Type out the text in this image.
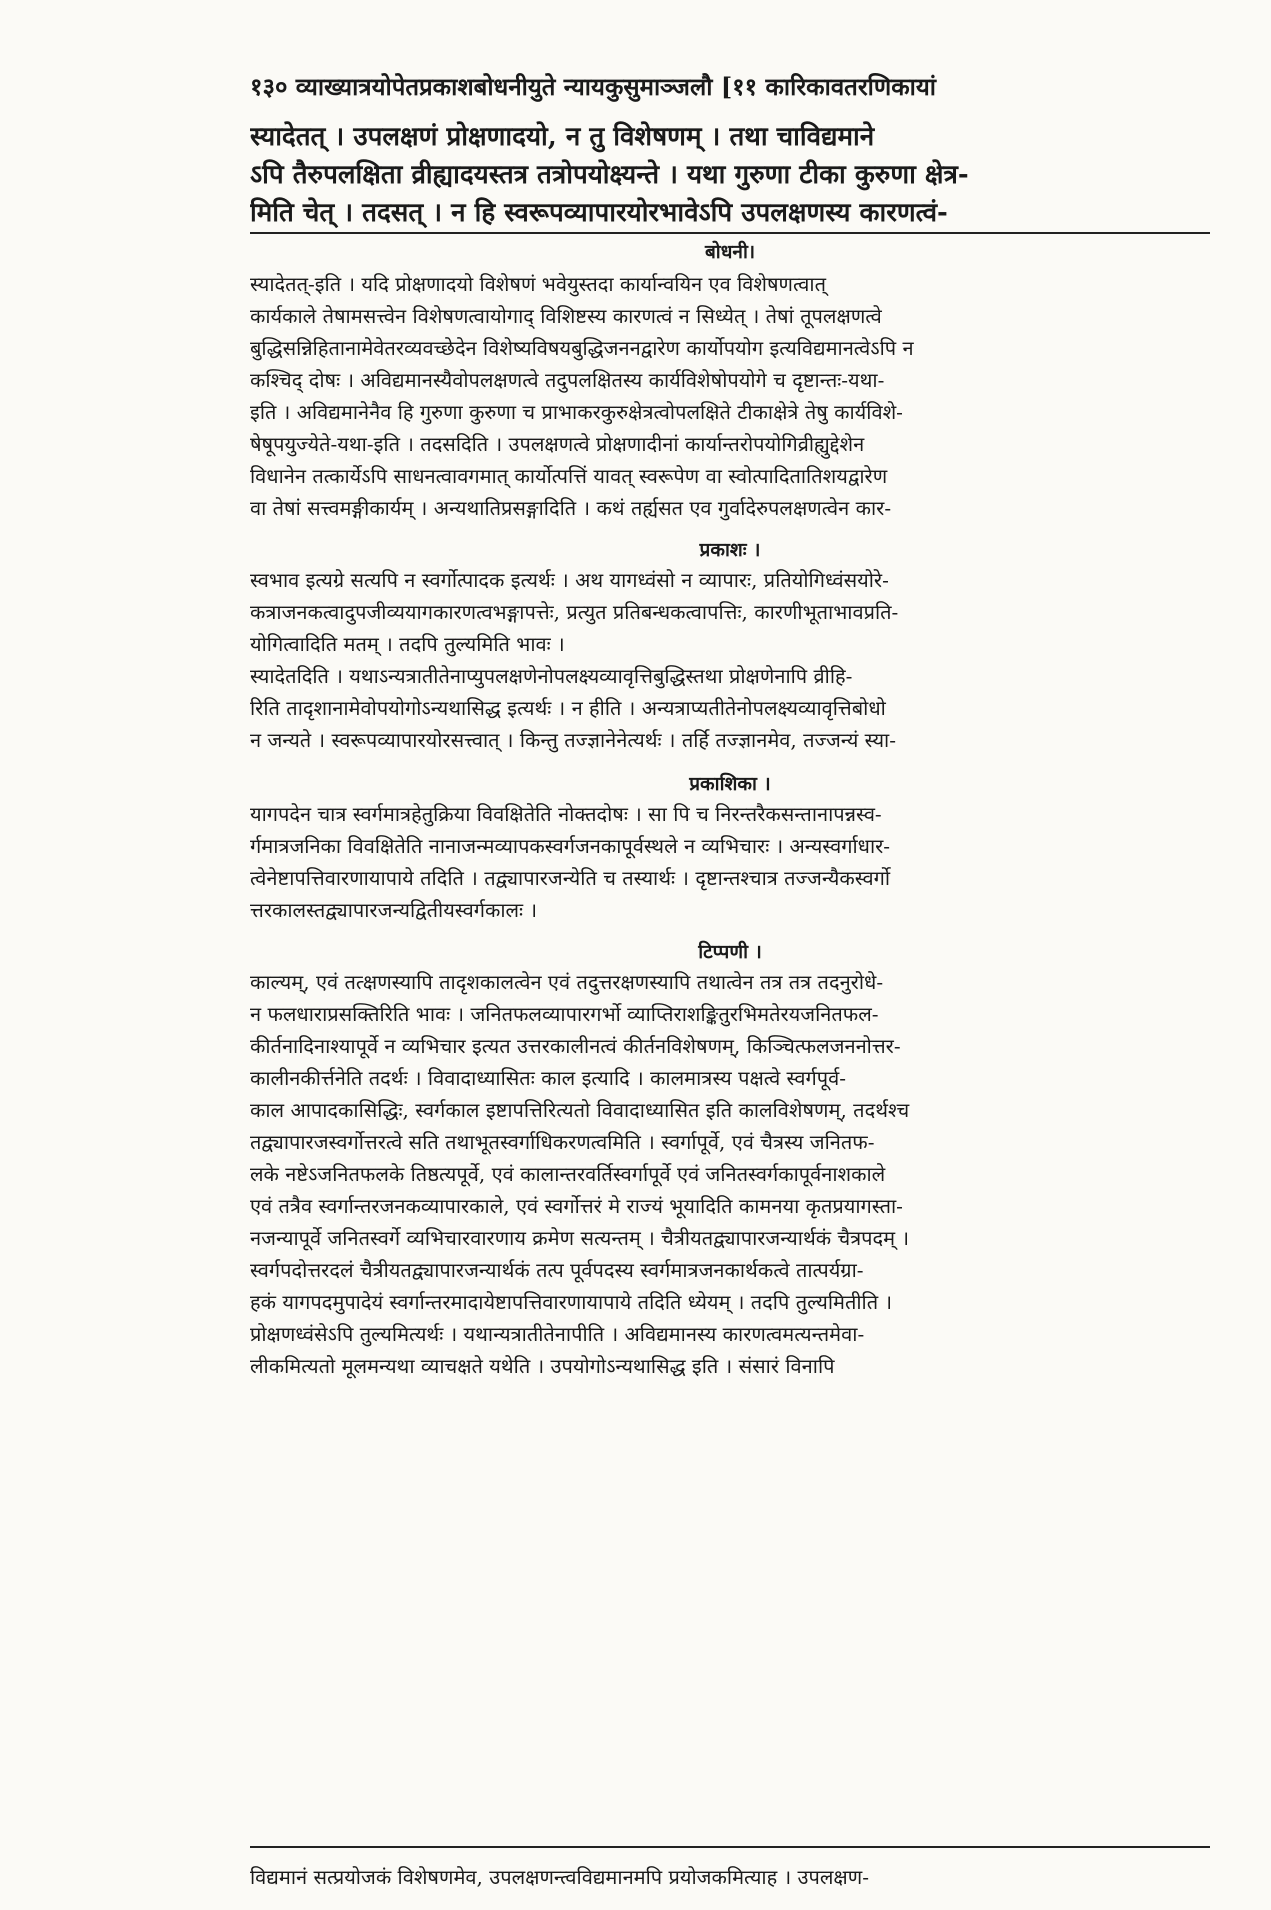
१३० व्याख्यात्रयोपेतप्रकाशबोधनीयुते न्यायकुसुमाञ्जलौ [११ कारिकावतरणिकायां
स्यादेतत् । उपलक्षणं प्रोक्षणादयो, न तु विशेषणम् । तथा चाविद्यमाने
ऽपि तैरुपलक्षिता व्रीह्यादयस्तत्र तत्रोपयोक्ष्यन्ते । यथा गुरुणा टीका कुरुणा क्षेत्र-
मिति चेत् । तदसत् । न हि स्वरूपव्यापारयोरभावेऽपि उपलक्षणस्य कारणत्वं-
बोधनी।
स्यादेतत्-इति । यदि प्रोक्षणादयो विशेषणं भवेयुस्तदा कार्यान्वयिन एव विशेषणत्वात्
कार्यकाले तेषामसत्त्वेन विशेषणत्वायोगाद् विशिष्टस्य कारणत्वं न सिध्येत् । तेषां तूपलक्षणत्वे
बुद्धिसन्निहितानामेवेतरव्यवच्छेदेन विशेष्यविषयबुद्धिजननद्वारेण कार्योपयोग इत्यविद्यमानत्वेऽपि न
कश्चिद् दोषः । अविद्यमानस्यैवोपलक्षणत्वे तदुपलक्षितस्य कार्यविशेषोपयोगे च दृष्टान्तः-यथा-
इति । अविद्यमानेनैव हि गुरुणा कुरुणा च प्राभाकरकुरुक्षेत्रत्वोपलक्षिते टीकाक्षेत्रे तेषु कार्यविशे-
षेषूपयुज्येते-यथा-इति । तदसदिति । उपलक्षणत्वे प्रोक्षणादीनां कार्यान्तरोपयोगिव्रीह्युद्देशेन
विधानेन तत्कार्येऽपि साधनत्वावगमात् कार्योत्पत्तिं यावत् स्वरूपेण वा स्वोत्पादितातिशयद्वारेण
वा तेषां सत्त्वमङ्गीकार्यम् । अन्यथातिप्रसङ्गादिति । कथं तर्ह्यसत एव गुर्वादेरुपलक्षणत्वेन कार-
प्रकाशः ।
स्वभाव इत्यग्रे सत्यपि न स्वर्गोत्पादक इत्यर्थः । अथ यागध्वंसो न व्यापारः, प्रतियोगिध्वंसयोरे-
कत्राजनकत्वादुपजीव्ययागकारणत्वभङ्गापत्तेः, प्रत्युत प्रतिबन्धकत्वापत्तिः, कारणीभूताभावप्रति-
योगित्वादिति मतम् । तदपि तुल्यमिति भावः ।
स्यादेतदिति । यथाऽन्यत्रातीतेनाप्युपलक्षणेनोपलक्ष्यव्यावृत्तिबुद्धिस्तथा प्रोक्षणेनापि व्रीहि-
रिति तादृशानामेवोपयोगोऽन्यथासिद्ध इत्यर्थः । न हीति । अन्यत्राप्यतीतेनोपलक्ष्यव्यावृत्तिबोधो
न जन्यते । स्वरूपव्यापारयोरसत्त्वात् । किन्तु तज्ज्ञानेनेत्यर्थः । तर्हि तज्ज्ञानमेव, तज्जन्यं स्या-
प्रकाशिका ।
यागपदेन चात्र स्वर्गमात्रहेतुक्रिया विवक्षितेति नोक्तदोषः । सा पि च निरन्तरैकसन्तानापन्नस्व-
र्गमात्रजनिका विवक्षितेति नानाजन्मव्यापकस्वर्गजनकापूर्वस्थले न व्यभिचारः । अन्यस्वर्गाधार-
त्वेनेष्टापत्तिवारणायापाये तदिति । तद्व्यापारजन्येति च तस्यार्थः । दृष्टान्तश्चात्र तज्जन्यैकस्वर्गो
त्तरकालस्तद्व्यापारजन्यद्वितीयस्वर्गकालः ।
टिप्पणी ।
काल्यम्, एवं तत्क्षणस्यापि तादृशकालत्वेन एवं तदुत्तरक्षणस्यापि तथात्वेन तत्र तत्र तदनुरोधे-
न फलधाराप्रसक्तिरिति भावः । जनितफलव्यापारगर्भो व्याप्तिराशङ्कितुरभिमतेरयजनितफल-
कीर्तनादिनाश्यापूर्वे न व्यभिचार इत्यत उत्तरकालीनत्वं कीर्तनविशेषणम्, किञ्चित्फलजननोत्तर-
कालीनकीर्त्तनेति तदर्थः । विवादाध्यासितः काल इत्यादि । कालमात्रस्य पक्षत्वे स्वर्गपूर्व-
काल आपादकासिद्धिः, स्वर्गकाल इष्टापत्तिरित्यतो विवादाध्यासित इति कालविशेषणम्, तदर्थश्च
तद्व्यापारजस्वर्गोत्तरत्वे सति तथाभूतस्वर्गाधिकरणत्वमिति । स्वर्गापूर्वे, एवं चैत्रस्य जनितफ-
लके नष्टेऽजनितफलके तिष्ठत्यपूर्वे, एवं कालान्तरवर्तिस्वर्गापूर्वे एवं जनितस्वर्गकापूर्वनाशकाले
एवं तत्रैव स्वर्गान्तरजनकव्यापारकाले, एवं स्वर्गोत्तरं मे राज्यं भूयादिति कामनया कृतप्रयागस्ता-
नजन्यापूर्वे जनितस्वर्गे व्यभिचारवारणाय क्रमेण सत्यन्तम् । चैत्रीयतद्व्यापारजन्यार्थकं चैत्रपदम् ।
स्वर्गपदोत्तरदलं चैत्रीयतद्व्यापारजन्यार्थकं तत्प पूर्वपदस्य स्वर्गमात्रजनकार्थकत्वे तात्पर्यग्रा-
हकं यागपदमुपादेयं स्वर्गान्तरमादायेष्टापत्तिवारणायापाये तदिति ध्येयम् । तदपि तुल्यमितीति ।
प्रोक्षणध्वंसेऽपि तुल्यमित्यर्थः । यथान्यत्रातीतेनापीति । अविद्यमानस्य कारणत्वमत्यन्तमेवा-
लीकमित्यतो मूलमन्यथा व्याचक्षते यथेति । उपयोगोऽन्यथासिद्ध इति । संसारं विनापि
विद्यमानं सत्प्रयोजकं विशेषणमेव, उपलक्षणन्त्वविद्यमानमपि प्रयोजकमित्याह । उपलक्षण-
